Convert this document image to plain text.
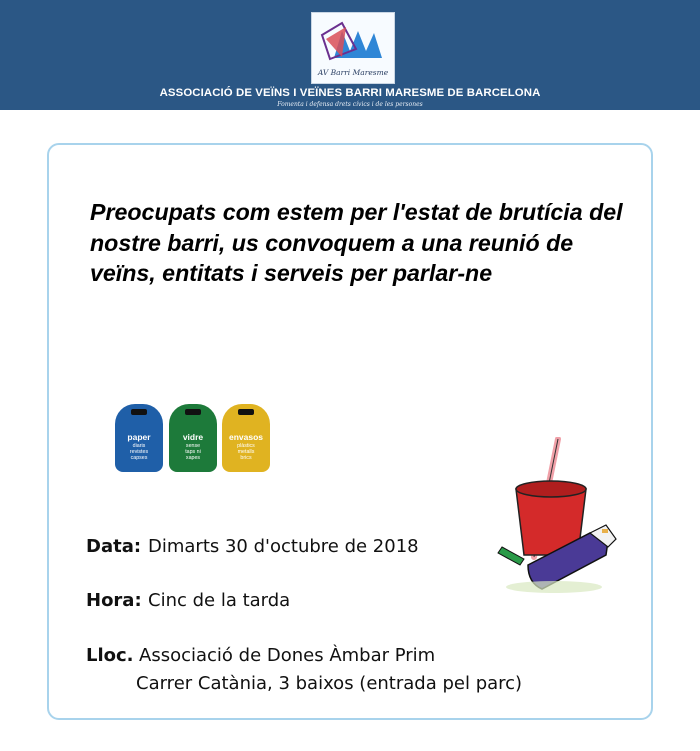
AV Barri Maresme
ASSOCIACIÓ DE VEÏNS I VEÏNES BARRI MARESME DE BARCELONA
Fomenta i defensa drets cívics i de les persones
Preocupats com estem per l'estat de brutícia del nostre barri, us convoquem a una reunió de veïns, entitats i serveis per parlar-ne
paper
diaris
revistes
capses
vidre
sense
taps ni
xapes
envasos
plàstics
metalls
brics
Data: Dimarts 30 d'octubre de 2018
Hora: Cinc de la tarda
Lloc. Associació de Dones Àmbar Prim
Carrer Catània, 3 baixos (entrada pel parc)
